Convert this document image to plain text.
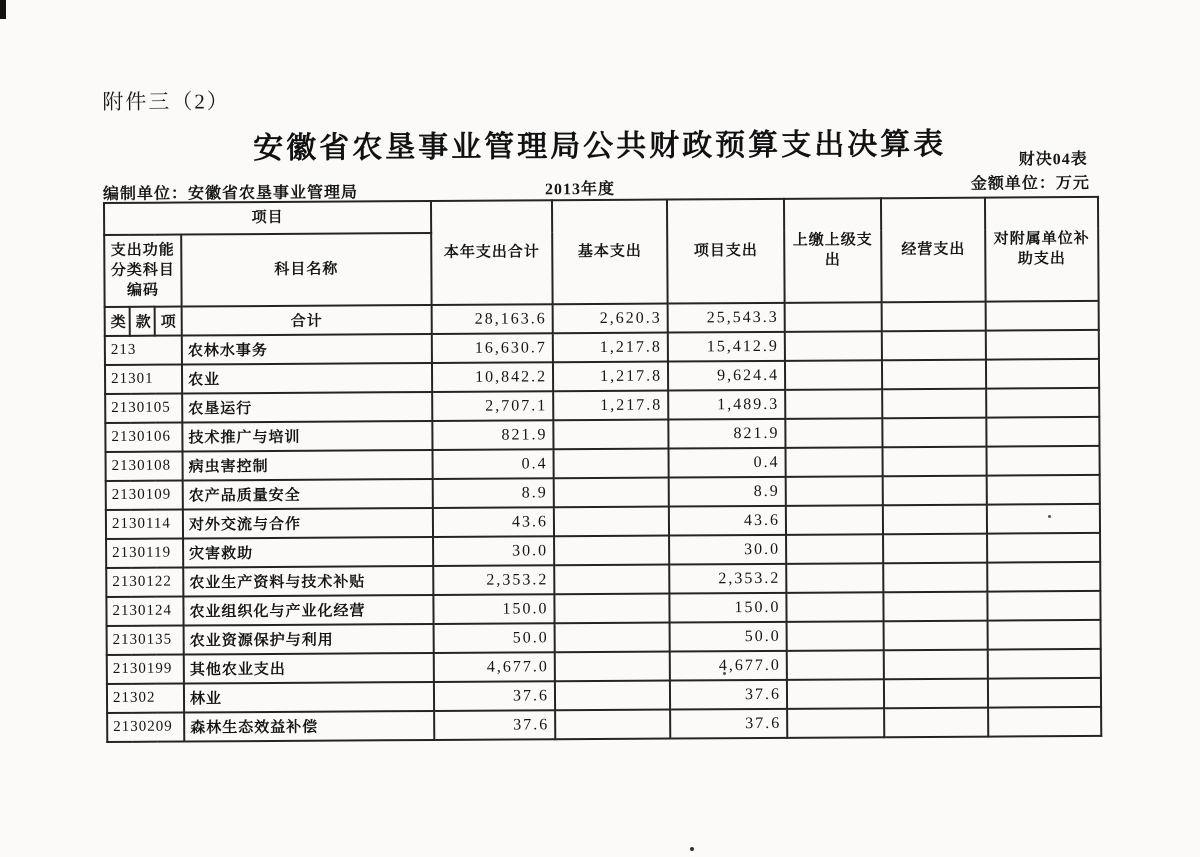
附件三（2）
安徽省农垦事业管理局公共财政预算支出决算表	财决04表
金额单位：万元
编制单位：安徽省农垦事业管理局	2013年度
项目				本年支出合计	基本支出	项目支出	上缴上级支出	经营支出	对附属单位补助支出
支出功能分类科目编码			科目名称						
类	款	项	合计	28,163.6	2,620.3	25,543.3			
213			农林水事务	16,630.7	1,217.8	15,412.9			
21301			农业	10,842.2	1,217.8	9,624.4			
2130105			农垦运行	2,707.1	1,217.8	1,489.3			
2130106			技术推广与培训	821.9		821.9			
2130108			病虫害控制	0.4		0.4			
2130109			农产品质量安全	8.9		8.9			
2130114			对外交流与合作	43.6		43.6			
2130119			灾害救助	30.0		30.0			
2130122			农业生产资料与技术补贴	2,353.2		2,353.2			
2130124			农业组织化与产业化经营	150.0		150.0			
2130135			农业资源保护与利用	50.0		50.0			
2130199			其他农业支出	4,677.0		4,677.0			
21302			林业	37.6		37.6			
2130209			森林生态效益补偿	37.6		37.6			
